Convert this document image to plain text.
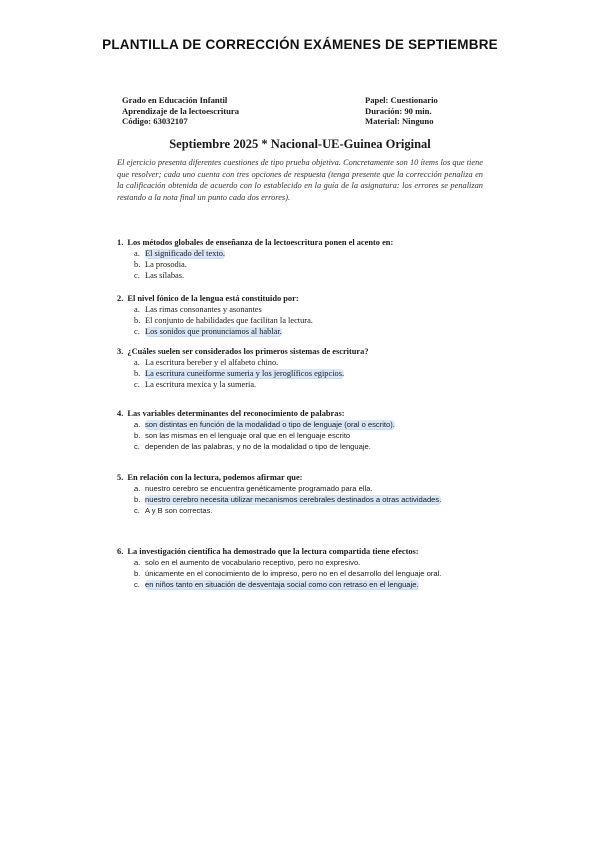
PLANTILLA DE CORRECCIÓN EXÁMENES DE SEPTIEMBRE
Grado en Educación Infantil
Aprendizaje de la lectoescritura
Código: 63032107
Papel: Cuestionario
Duración: 90 min.
Material: Ninguno
Septiembre 2025 * Nacional-UE-Guinea Original
El ejercicio presenta diferentes cuestiones de tipo prueba objetiva. Concretamente son 10 ítems los que tiene que resolver; cada uno cuenta con tres opciones de respuesta (tenga presente que la corrección penaliza en la calificación obtenida de acuerdo con lo establecido en la guía de la asignatura: los errores se penalizan restando a la nota final un punto cada dos errores).
1. Los métodos globales de enseñanza de la lectoescritura ponen el acento en:
a. El significado del texto.
b. La prosodia.
c. Las sílabas.
2. El nivel fónico de la lengua está constituido por:
a. Las rimas consonantes y asonantes
b. El conjunto de habilidades que facilitan la lectura.
c. Los sonidos que pronunciamos al hablar.
3. ¿Cuáles suelen ser considerados los primeros sistemas de escritura?
a. La escritura bereber y el alfabeto chino.
b. La escritura cuneiforme sumeria y los jeroglíficos egipcios.
c. La escritura mexica y la sumeria.
4. Las variables determinantes del reconocimiento de palabras:
a. son distintas en función de la modalidad o tipo de lenguaje (oral o escrito).
b. son las mismas en el lenguaje oral que en el lenguaje escrito
c. dependen de las palabras, y no de la modalidad o tipo de lenguaje.
5. En relación con la lectura, podemos afirmar que:
a. nuestro cerebro se encuentra genéticamente programado para ella.
b. nuestro cerebro necesita utilizar mecanismos cerebrales destinados a otras actividades.
c. A y B son correctas.
6. La investigación científica ha demostrado que la lectura compartida tiene efectos:
a. solo en el aumento de vocabulario receptivo, pero no expresivo.
b. únicamente en el conocimiento de lo impreso, pero no en el desarrollo del lenguaje oral.
c. en niños tanto en situación de desventaja social como con retraso en el lenguaje.
